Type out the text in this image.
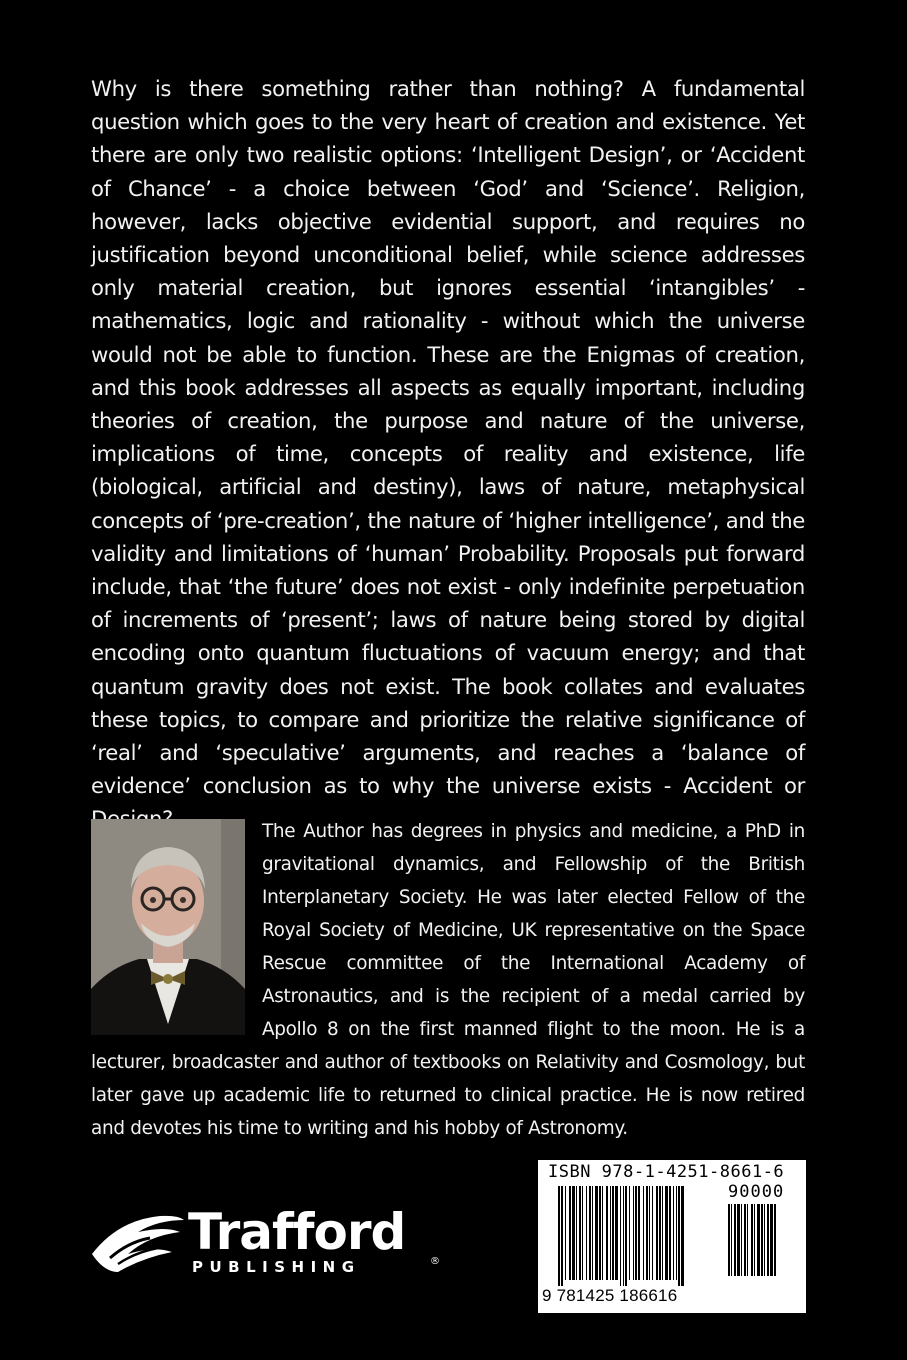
Why is there something rather than nothing? A fundamental question which goes to the very heart of creation and existence. Yet there are only two realistic options: ‘Intelligent Design’, or ‘Accident of Chance’ - a choice between ‘God’ and ‘Science’. Religion, however, lacks objective evidential support, and requires no justification beyond unconditional belief, while science addresses only material creation, but ignores essential ‘intangibles’ - mathematics, logic and rationality - without which the universe would not be able to function. These are the Enigmas of creation, and this book addresses all aspects as equally important, including theories of creation, the purpose and nature of the universe, implications of time, concepts of reality and existence, life (biological, artificial and destiny), laws of nature, metaphysical concepts of ‘pre-creation’, the nature of ‘higher intelligence’, and the validity and limitations of ‘human’ Probability. Proposals put forward include, that ‘the future’ does not exist - only indefinite perpetuation of increments of ‘present’; laws of nature being stored by digital encoding onto quantum fluctuations of vacuum energy; and that quantum gravity does not exist. The book collates and evaluates these topics, to compare and prioritize the relative significance of ‘real’ and ‘speculative’ arguments, and reaches a ‘balance of evidence’ conclusion as to why the universe exists - Accident or

The Author has degrees in physics and medicine, a PhD in gravitational dynamics, and Fellowship of the British Interplanetary Society. He was later elected Fellow of the Royal Society of Medicine, UK representative on the Space Rescue committee of the International Academy of Astronautics, and is the recipient of a medal carried by Apollo 8 on the first manned flight to the moon. He is a lecturer, broadcaster and author of textbooks on Relativity and Cosmology, but later gave up academic life to returned to clinical practice. He is now retired and devotes his time to writing and his hobby of Astronomy.

Trafford
®
PUBLISHING
ISBN 978-1-4251-8661-6
90000
9 781425 186616
